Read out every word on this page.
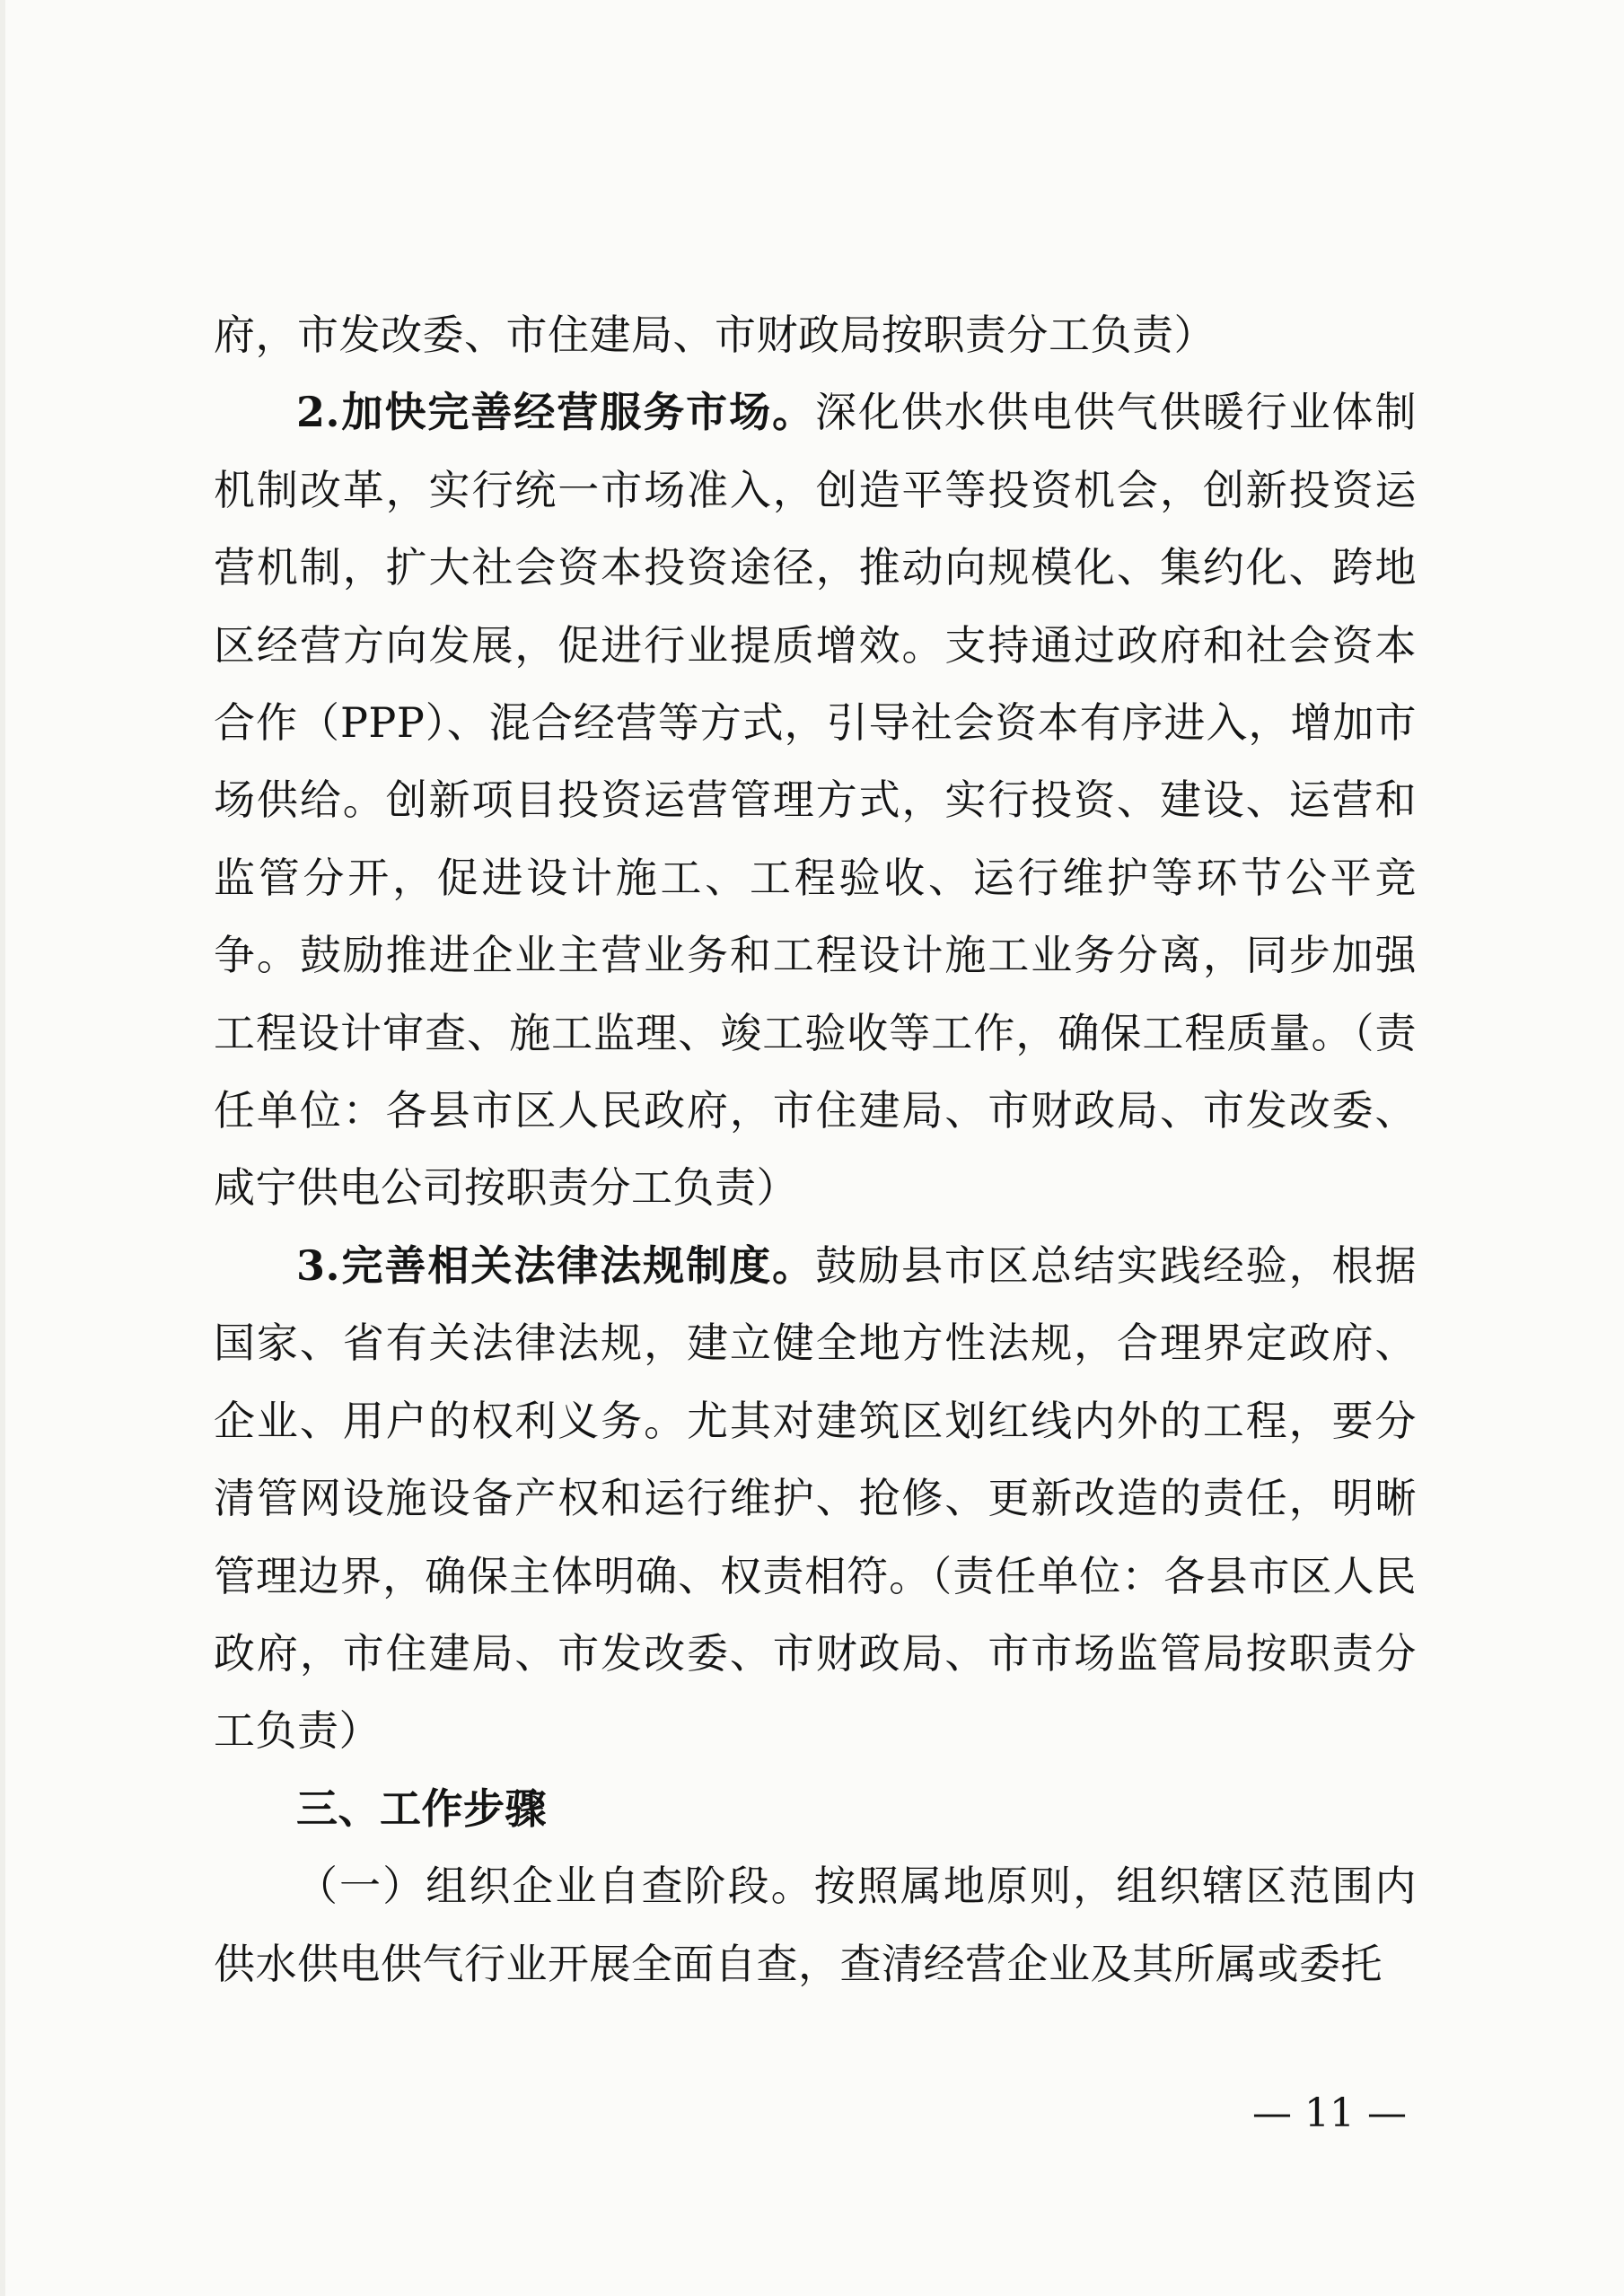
府，市发改委、市住建局、市财政局按职责分工负责）

2.加快完善经营服务市场。深化供水供电供气供暖行业体制机制改革，实行统一市场准入，创造平等投资机会，创新投资运营机制，扩大社会资本投资途径，推动向规模化、集约化、跨地区经营方向发展，促进行业提质增效。支持通过政府和社会资本合作（PPP）、混合经营等方式，引导社会资本有序进入，增加市场供给。创新项目投资运营管理方式，实行投资、建设、运营和监管分开，促进设计施工、工程验收、运行维护等环节公平竞争。鼓励推进企业主营业务和工程设计施工业务分离，同步加强工程设计审查、施工监理、竣工验收等工作，确保工程质量。（责任单位：各县市区人民政府，市住建局、市财政局、市发改委、咸宁供电公司按职责分工负责）

3.完善相关法律法规制度。鼓励县市区总结实践经验，根据国家、省有关法律法规，建立健全地方性法规，合理界定政府、企业、用户的权利义务。尤其对建筑区划红线内外的工程，要分清管网设施设备产权和运行维护、抢修、更新改造的责任，明晰管理边界，确保主体明确、权责相符。（责任单位：各县市区人民政府，市住建局、市发改委、市财政局、市市场监管局按职责分工负责）

三、工作步骤

（一）组织企业自查阶段。按照属地原则，组织辖区范围内供水供电供气行业开展全面自查，查清经营企业及其所属或委托

— 11 —
